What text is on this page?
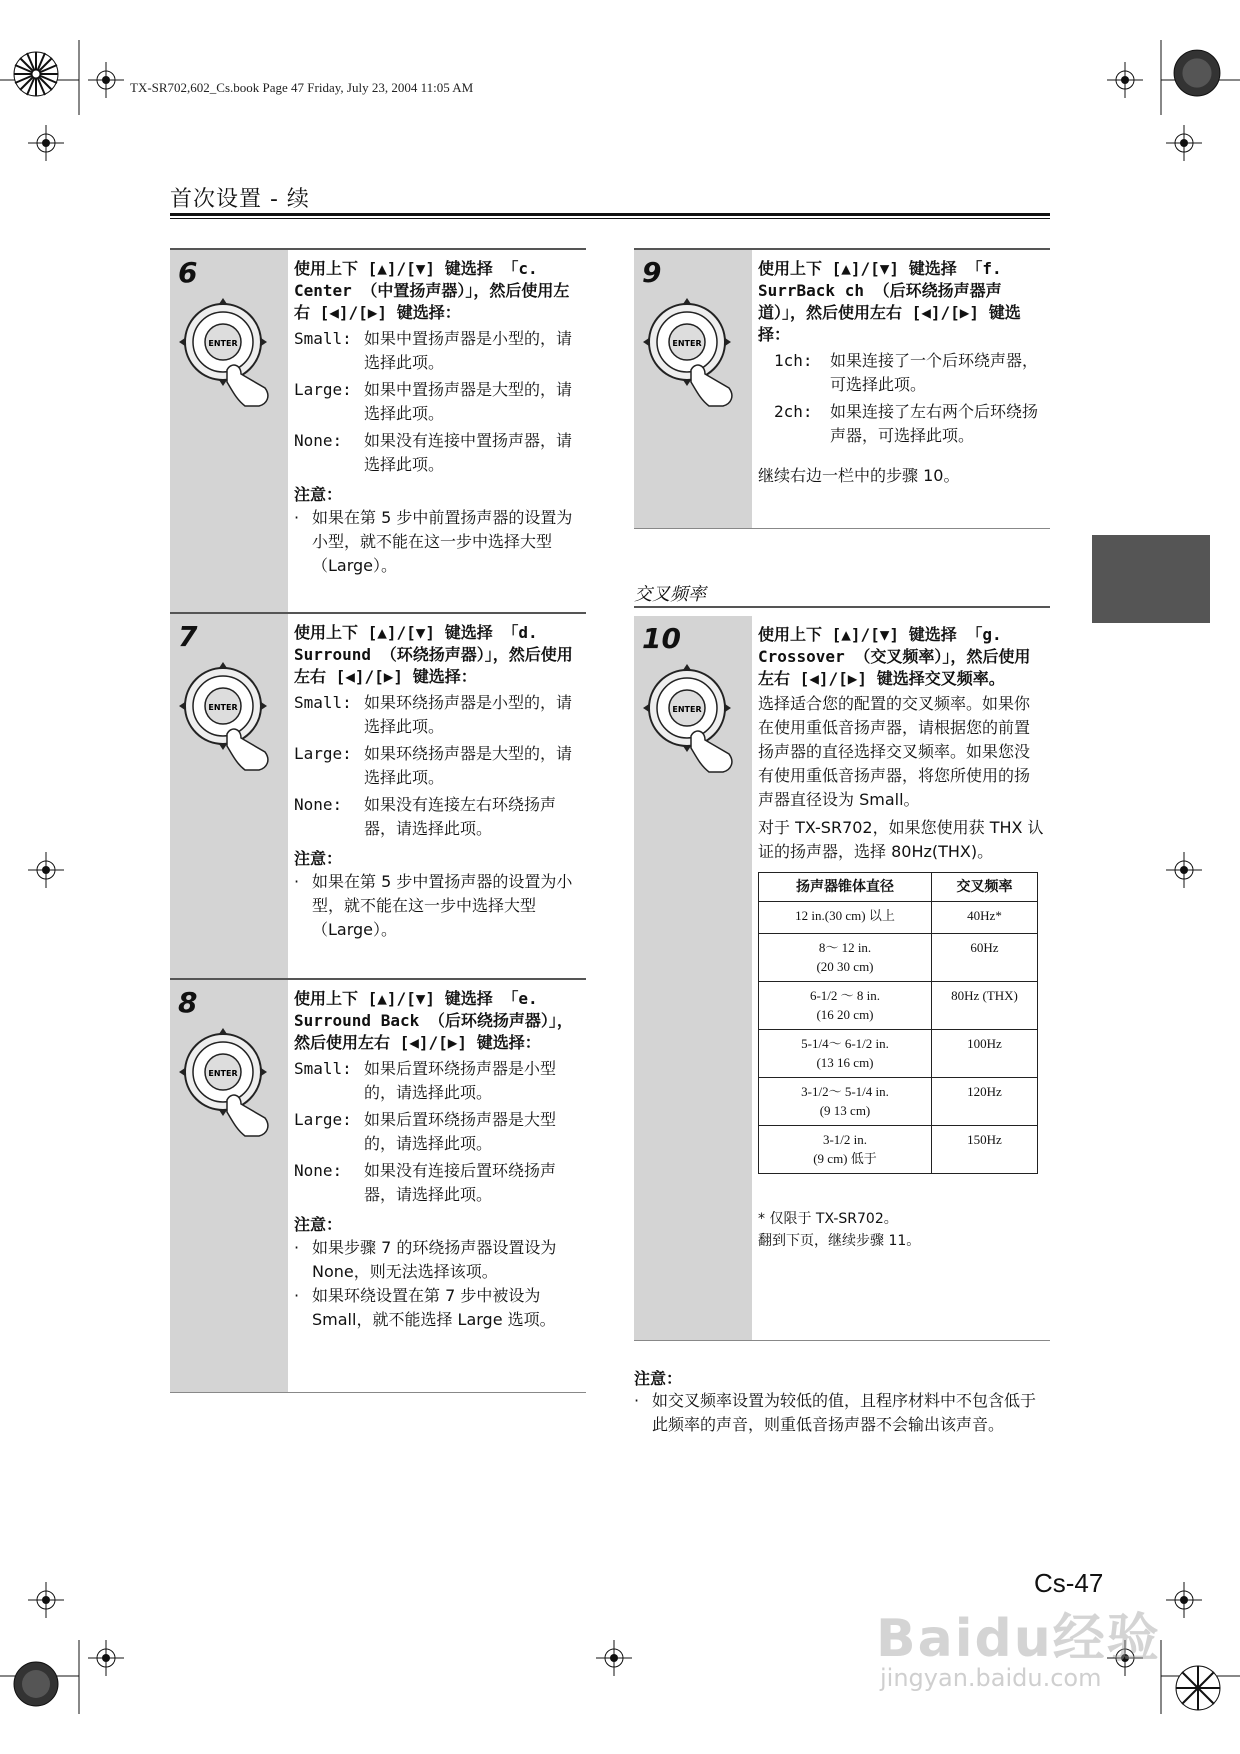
TX-SR702,602_Cs.book Page 47 Friday, July 23, 2004 11:05 AM
首次设置 - 续
6
ENTER
使用上下 [▲]/[▼] 键选择 「c. Center （中置扬声器）」，然后使用左右 [◀]/[▶] 键选择：
Small: 如果中置扬声器是小型的，请选择此项。
Large: 如果中置扬声器是大型的，请选择此项。
None:	如果没有连接中置扬声器，请选择此项。
注意：
· 如果在第 5 步中前置扬声器的设置为小型，就不能在这一步中选择大型 （Large）。
7
ENTER
使用上下 [▲]/[▼] 键选择 「d. Surround （环绕扬声器）」，然后使用左右 [◀]/[▶] 键选择：
Small: 如果环绕扬声器是小型的，请选择此项。
Large: 如果环绕扬声器是大型的，请选择此项。
None:	如果没有连接左右环绕扬声器，请选择此项。
注意：
· 如果在第 5 步中置扬声器的设置为小型，就不能在这一步中选择大型 （Large）。
8
ENTER
使用上下 [▲]/[▼] 键选择 「e. Surround Back （后环绕扬声器）」，然后使用左右 [◀]/[▶] 键选择：
Small: 如果后置环绕扬声器是小型的，请选择此项。
Large: 如果后置环绕扬声器是大型的，请选择此项。
None:	如果没有连接后置环绕扬声器，请选择此项。
注意：
· 如果步骤 7 的环绕扬声器设置设为 None，则无法选择该项。
· 如果环绕设置在第 7 步中被设为 Small，就不能选择 Large 选项。
9
ENTER
使用上下 [▲]/[▼] 键选择 「f. SurrBack ch （后环绕扬声器声道）」，然后使用左右 [◀]/[▶] 键选择：
1ch:	如果连接了一个后环绕声器，可选择此项。
2ch:	如果连接了左右两个后环绕扬声器，可选择此项。
继续右边一栏中的步骤 10。
交叉频率
10
ENTER
使用上下 [▲]/[▼] 键选择 「g. Crossover （交叉频率）」，然后使用左右 [◀]/[▶] 键选择交叉频率。
选择适合您的配置的交叉频率。如果你在使用重低音扬声器，请根据您的前置扬声器的直径选择交叉频率。如果您没有使用重低音扬声器，将您所使用的扬声器直径设为 Small。
对于 TX-SR702，如果您使用获 THX 认证的扬声器，选择 80Hz(THX)。
扬声器锥体直径	交叉频率
12 in.(30 cm) 以上	40Hz*
8～ 12 in.
(20 30 cm)	60Hz
6-1/2 ～ 8 in.
(16 20 cm)	80Hz (THX)
5-1/4～ 6-1/2 in.
(13 16 cm)	100Hz
3-1/2～ 5-1/4 in.
(9 13 cm)	120Hz
3-1/2 in.
(9 cm) 低于	150Hz
* 仅限于 TX-SR702。
翻到下页，继续步骤 11。
注意：
· 如交叉频率设置为较低的值，且程序材料中不包含低于此频率的声音，则重低音扬声器不会输出该声音。
Cs-47
Baidu经验
jingyan.baidu.com
